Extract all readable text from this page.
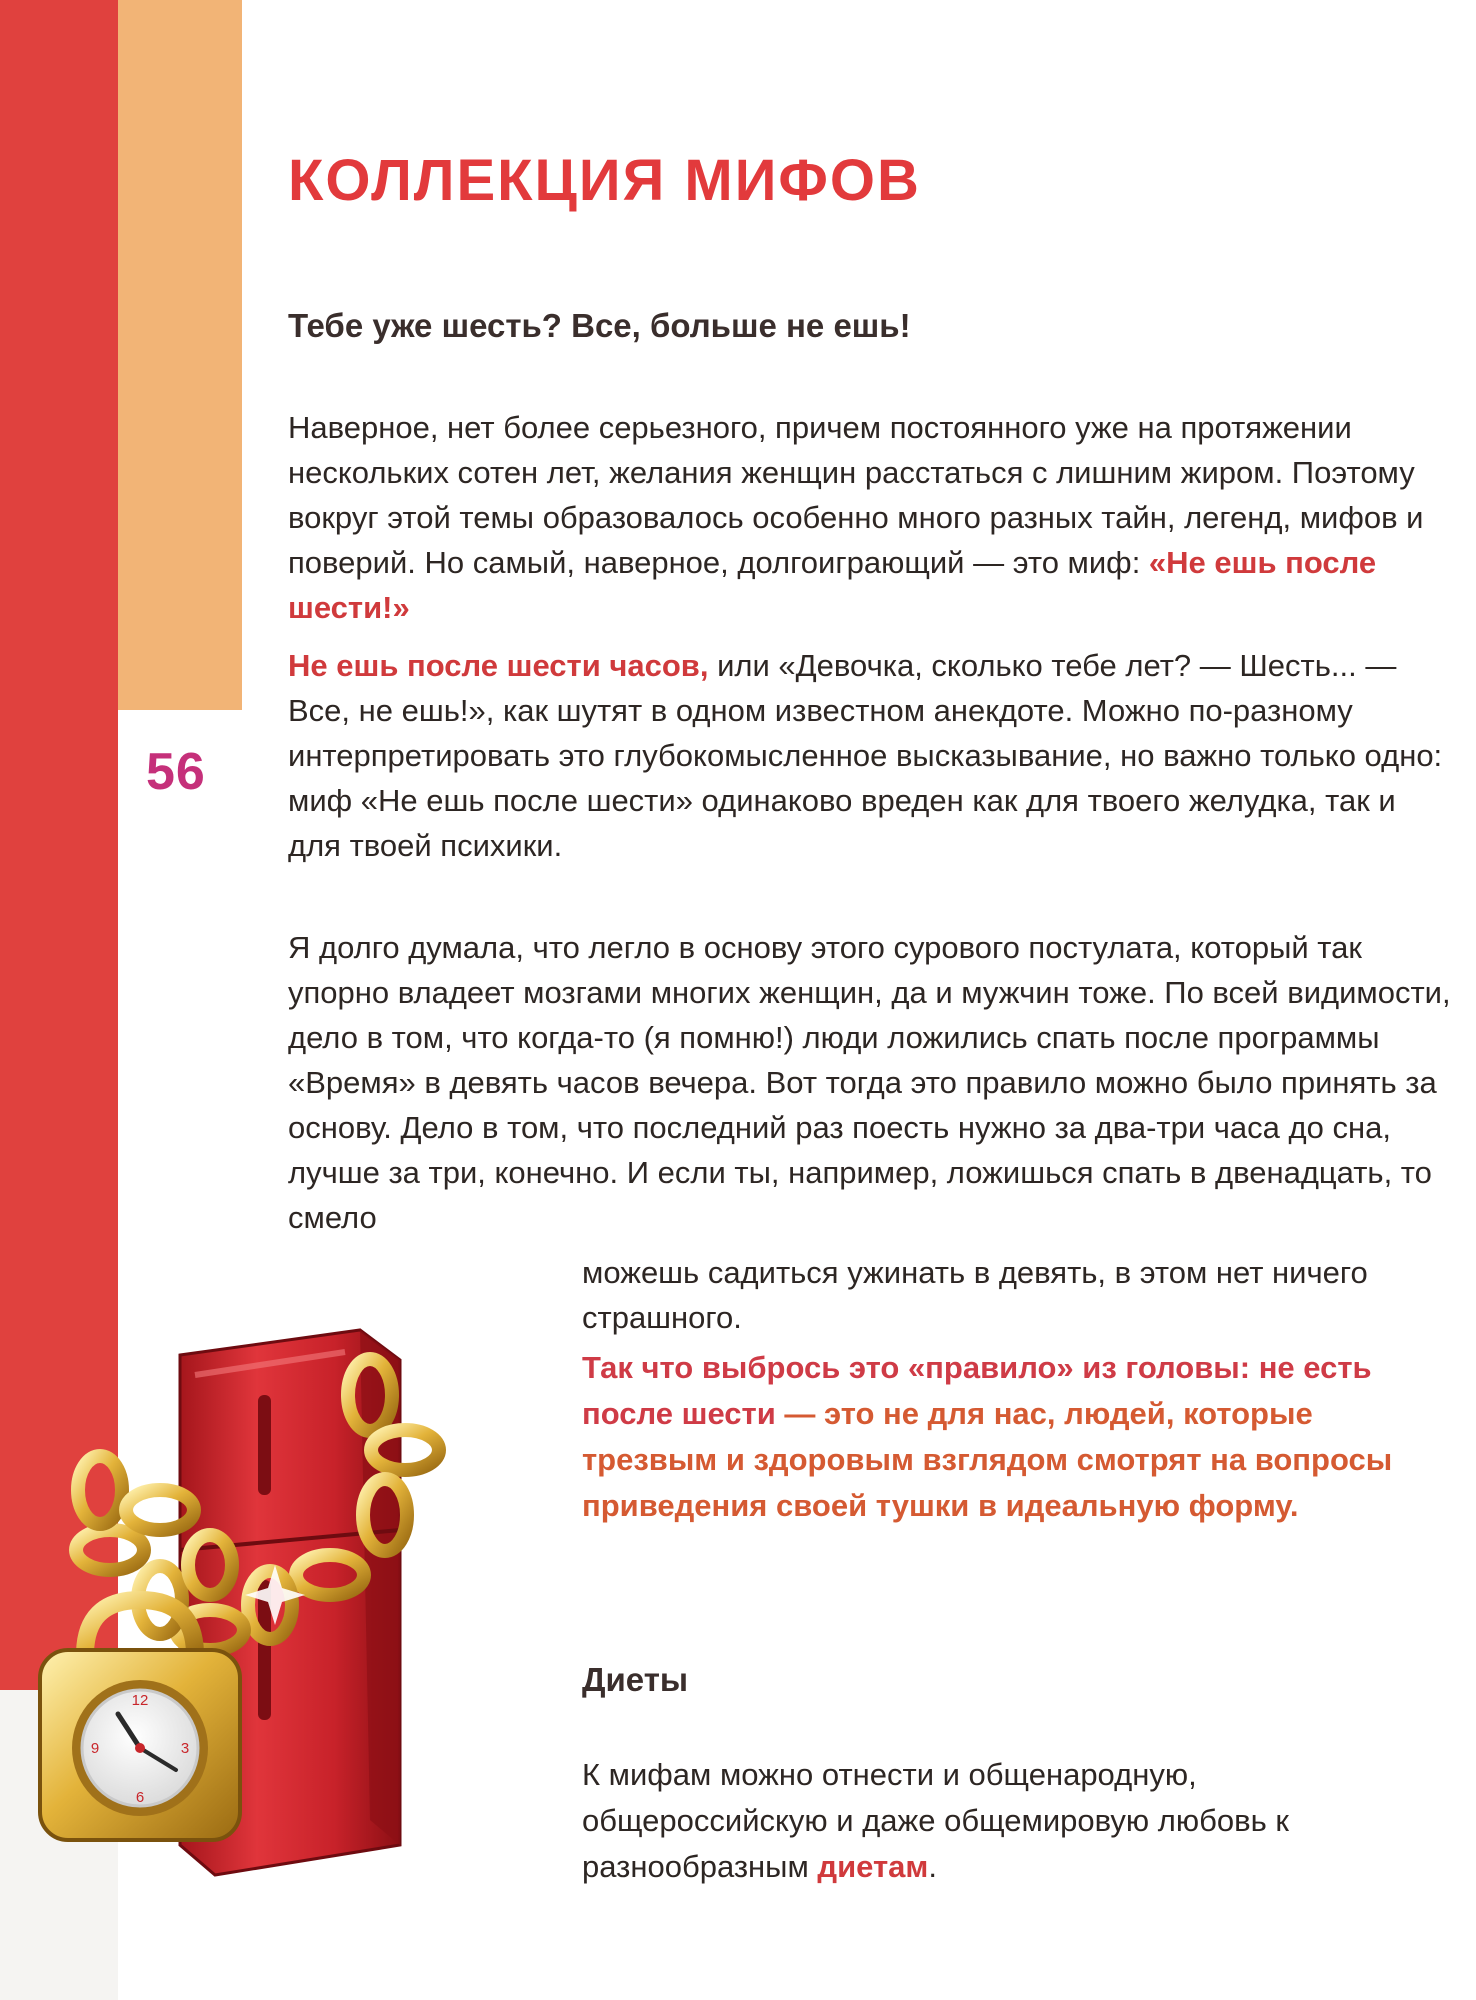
56
КОЛЛЕКЦИЯ МИФОВ
Тебе уже шесть? Все, больше не ешь!

Наверное, нет более серьезного, причем постоянного уже на протяжении нескольких сотен лет, желания женщин расстаться с лишним жиром. Поэтому вокруг этой темы образовалось особенно много разных тайн, легенд, мифов и поверий. Но самый, наверное, долгоиграющий — это миф: «Не ешь после шести!»

Не ешь после шести часов, или «Девочка, сколько тебе лет? — Шесть... — Все, не ешь!», как шутят в одном известном анекдоте. Можно по-разному интерпретировать это глубокомысленное высказывание, но важно только одно: миф «Не ешь после шести» одинаково вреден как для твоего желудка, так и для твоей психики.

Я долго думала, что легло в основу этого сурового постулата, который так упорно владеет мозгами многих женщин, да и мужчин тоже. По всей видимости, дело в том, что когда-то (я помню!) люди ложились спать после программы «Время» в девять часов вечера. Вот тогда это правило можно было принять за основу. Дело в том, что последний раз поесть нужно за два-три часа до сна, лучше за три, конечно. И если ты, например, ложишься спать в двенадцать, то смело

можешь садиться ужинать в девять, в этом нет ничего страшного.

Так что выбрось это «правило» из головы: не есть после шести — это не для нас, людей, которые трезвым и здоровым взглядом смотрят на вопросы приведения своей тушки в идеальную форму.

Диеты

К мифам можно отнести и общенародную, общероссийскую и даже общемировую любовь к разнообразным диетам.

12
3
6
9
